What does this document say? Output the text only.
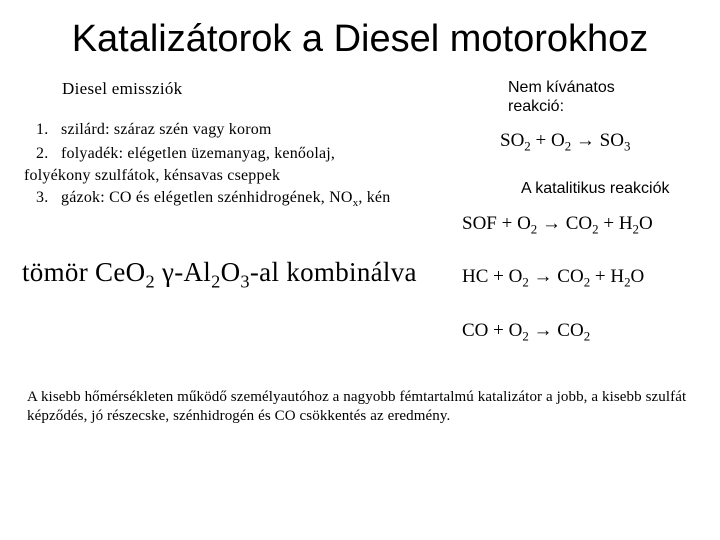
Katalizátorok a Diesel motorokhoz
Diesel emissziók
1. szilárd: száraz szén vagy korom
2. folyadék: elégetlen üzemanyag, kenőolaj,
folyékony szulfátok, kénsavas cseppek
3. gázok: CO és elégetlen szénhidrogének, $NO_x$, kén
tömör CeO$_2$ $\gamma-Al_2O_3-al$ kombinálva
Nem kívánatos reakció:
$SO_2 + O_2 \to SO_3$
A katalitikus reakciók
SOF + $O_2 \to CO_2 + H_2O$
HC + $O_2 \to CO_2 + H_2O$
CO + $O_2 \to CO_2$
A kisebb hőmérsékleten működő személyautóhoz a nagyobb fémtartalmú katalizátor a jobb, a kisebb szulfát képződés, jó részecske, szénhidrogén és CO csökkentés az eredmény.
